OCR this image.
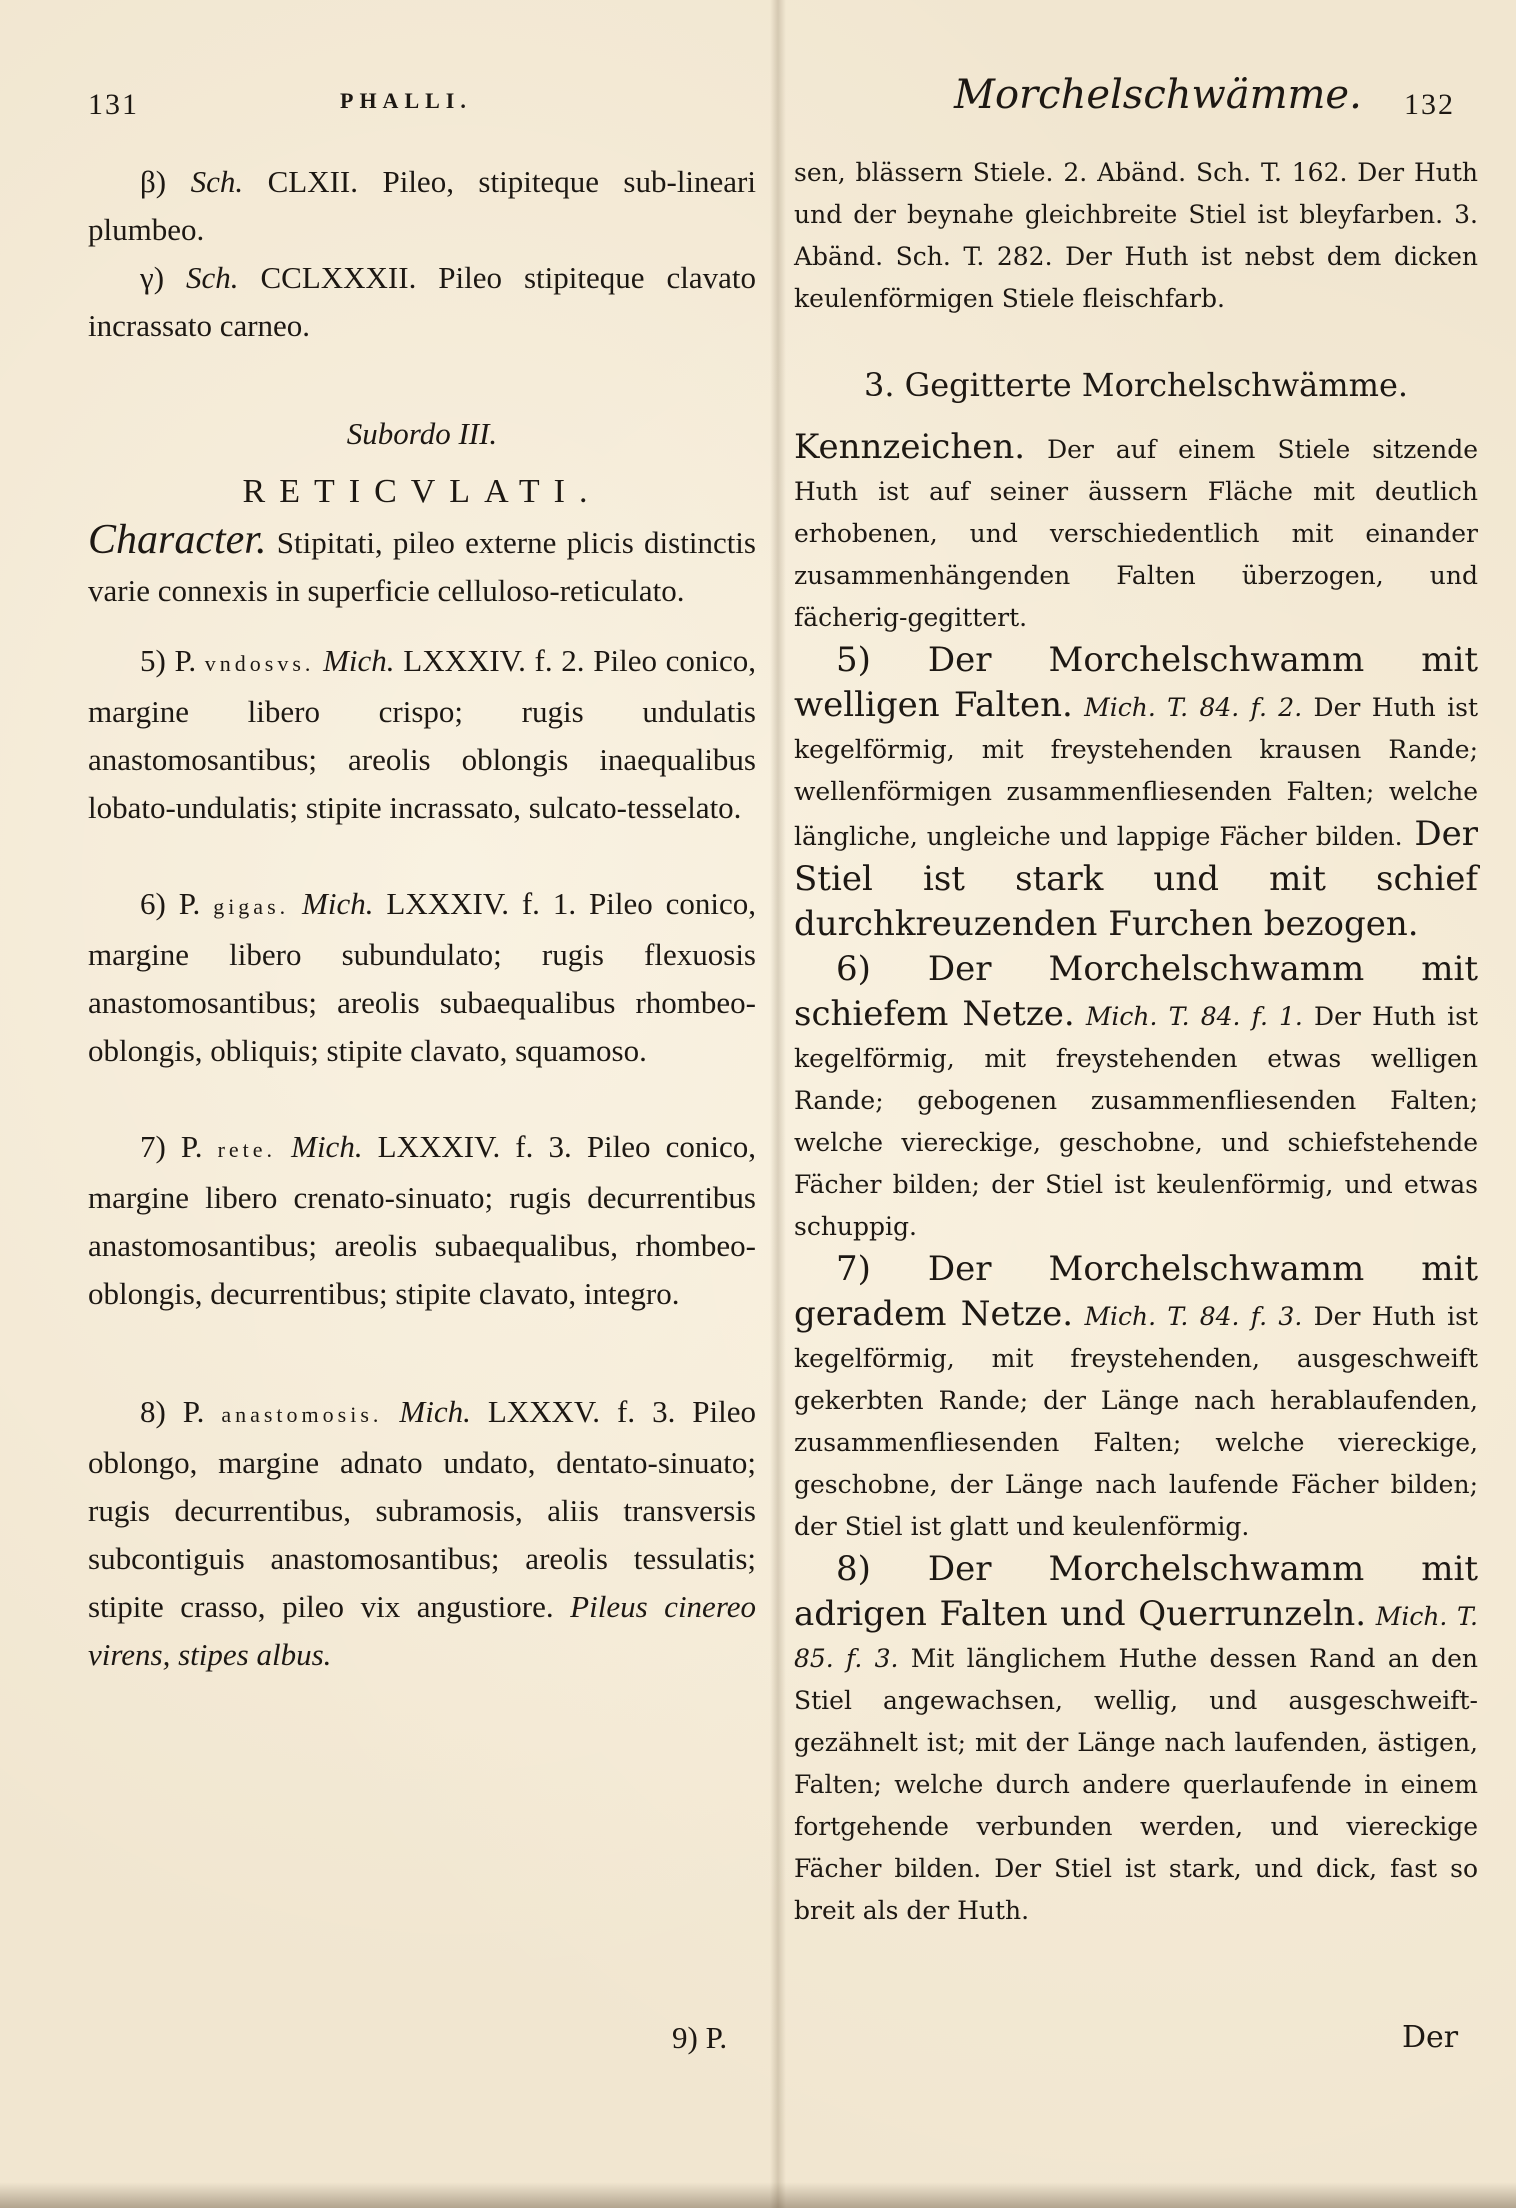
131	PHALLI.

β) Sch. CLXII. Pileo, stipiteque sub-lineari plumbeo.

γ) Sch. CCLXXXII. Pileo stipiteque clavato incrassato carneo.

Subordo III.

RETICVLATI.

Character. Stipitati, pileo externe plicis distinctis varie connexis in superficie celluloso-reticulato.

5) P. vndosvs. Mich. LXXXIV. f. 2. Pileo conico, margine libero crispo; rugis undulatis anastomosantibus; areolis oblongis inaequalibus lobato-undulatis; stipite incrassato, sulcato-tesselato.

6) P. gigas. Mich. LXXXIV. f. 1. Pileo conico, margine libero subundulato; rugis flexuosis anastomosantibus; areolis subaequalibus rhombeo-oblongis, obliquis; stipite clavato, squamoso.

7) P. rete. Mich. LXXXIV. f. 3. Pileo conico, margine libero crenato-sinuato; rugis decurrentibus anastomosantibus; areolis subaequalibus, rhombeo-oblongis, decurrentibus; stipite clavato, integro.

8) P. anastomosis. Mich. LXXXV. f. 3. Pileo oblongo, margine adnato undato, dentato-sinuato; rugis decurrentibus, subramosis, aliis transversis subcontiguis anastomosantibus; areolis tessulatis; stipite crasso, pileo vix angustiore. Pileus cinereo virens, stipes albus.

9) P.
Morchelschwämme. 132

sen, blässern Stiele. 2. Abänd. Sch. T. 162. Der Huth und der beynahe gleichbreite Stiel ist bleyfarben. 3. Abänd. Sch. T. 282. Der Huth ist nebst dem dicken keulenförmigen Stiele fleischfarb.

3. Gegitterte Morchelschwämme.

Kennzeichen. Der auf einem Stiele sitzende Huth ist auf seiner äussern Fläche mit deutlich erhobenen, und verschiedentlich mit einander zusammenhängenden Falten überzogen, und fächerig-gegittert.

5) Der Morchelschwamm mit welligen Falten. Mich. T. 84. f. 2. Der Huth ist kegelförmig, mit freystehenden krausen Rande; wellenförmigen zusammenfliesenden Falten; welche längliche, ungleiche und lappige Fächer bilden. Der Stiel ist stark und mit schief durchkreuzenden Furchen bezogen.

6) Der Morchelschwamm mit schiefem Netze. Mich. T. 84. f. 1. Der Huth ist kegelförmig, mit freystehenden etwas welligen Rande; gebogenen zusammenfliesenden Falten; welche viereckige, geschobne, und schiefstehende Fächer bilden; der Stiel ist keulenförmig, und etwas schuppig.

7) Der Morchelschwamm mit geradem Netze. Mich. T. 84. f. 3. Der Huth ist kegelförmig, mit freystehenden, ausgeschweift gekerbten Rande; der Länge nach herablaufenden, zusammenfliesenden Falten; welche viereckige, geschobne, der Länge nach laufende Fächer bilden; der Stiel ist glatt und keulenförmig.

8) Der Morchelschwamm mit adrigen Falten und Querrunzeln. Mich. T. 85. f. 3. Mit länglichem Huthe dessen Rand an den Stiel angewachsen, wellig, und ausgeschweift-gezähnelt ist; mit der Länge nach laufenden, ästigen, Falten; welche durch andere querlaufende in einem fortgehende verbunden werden, und viereckige Fächer bilden. Der Stiel ist stark, und dick, fast so breit als der Huth.

Der
